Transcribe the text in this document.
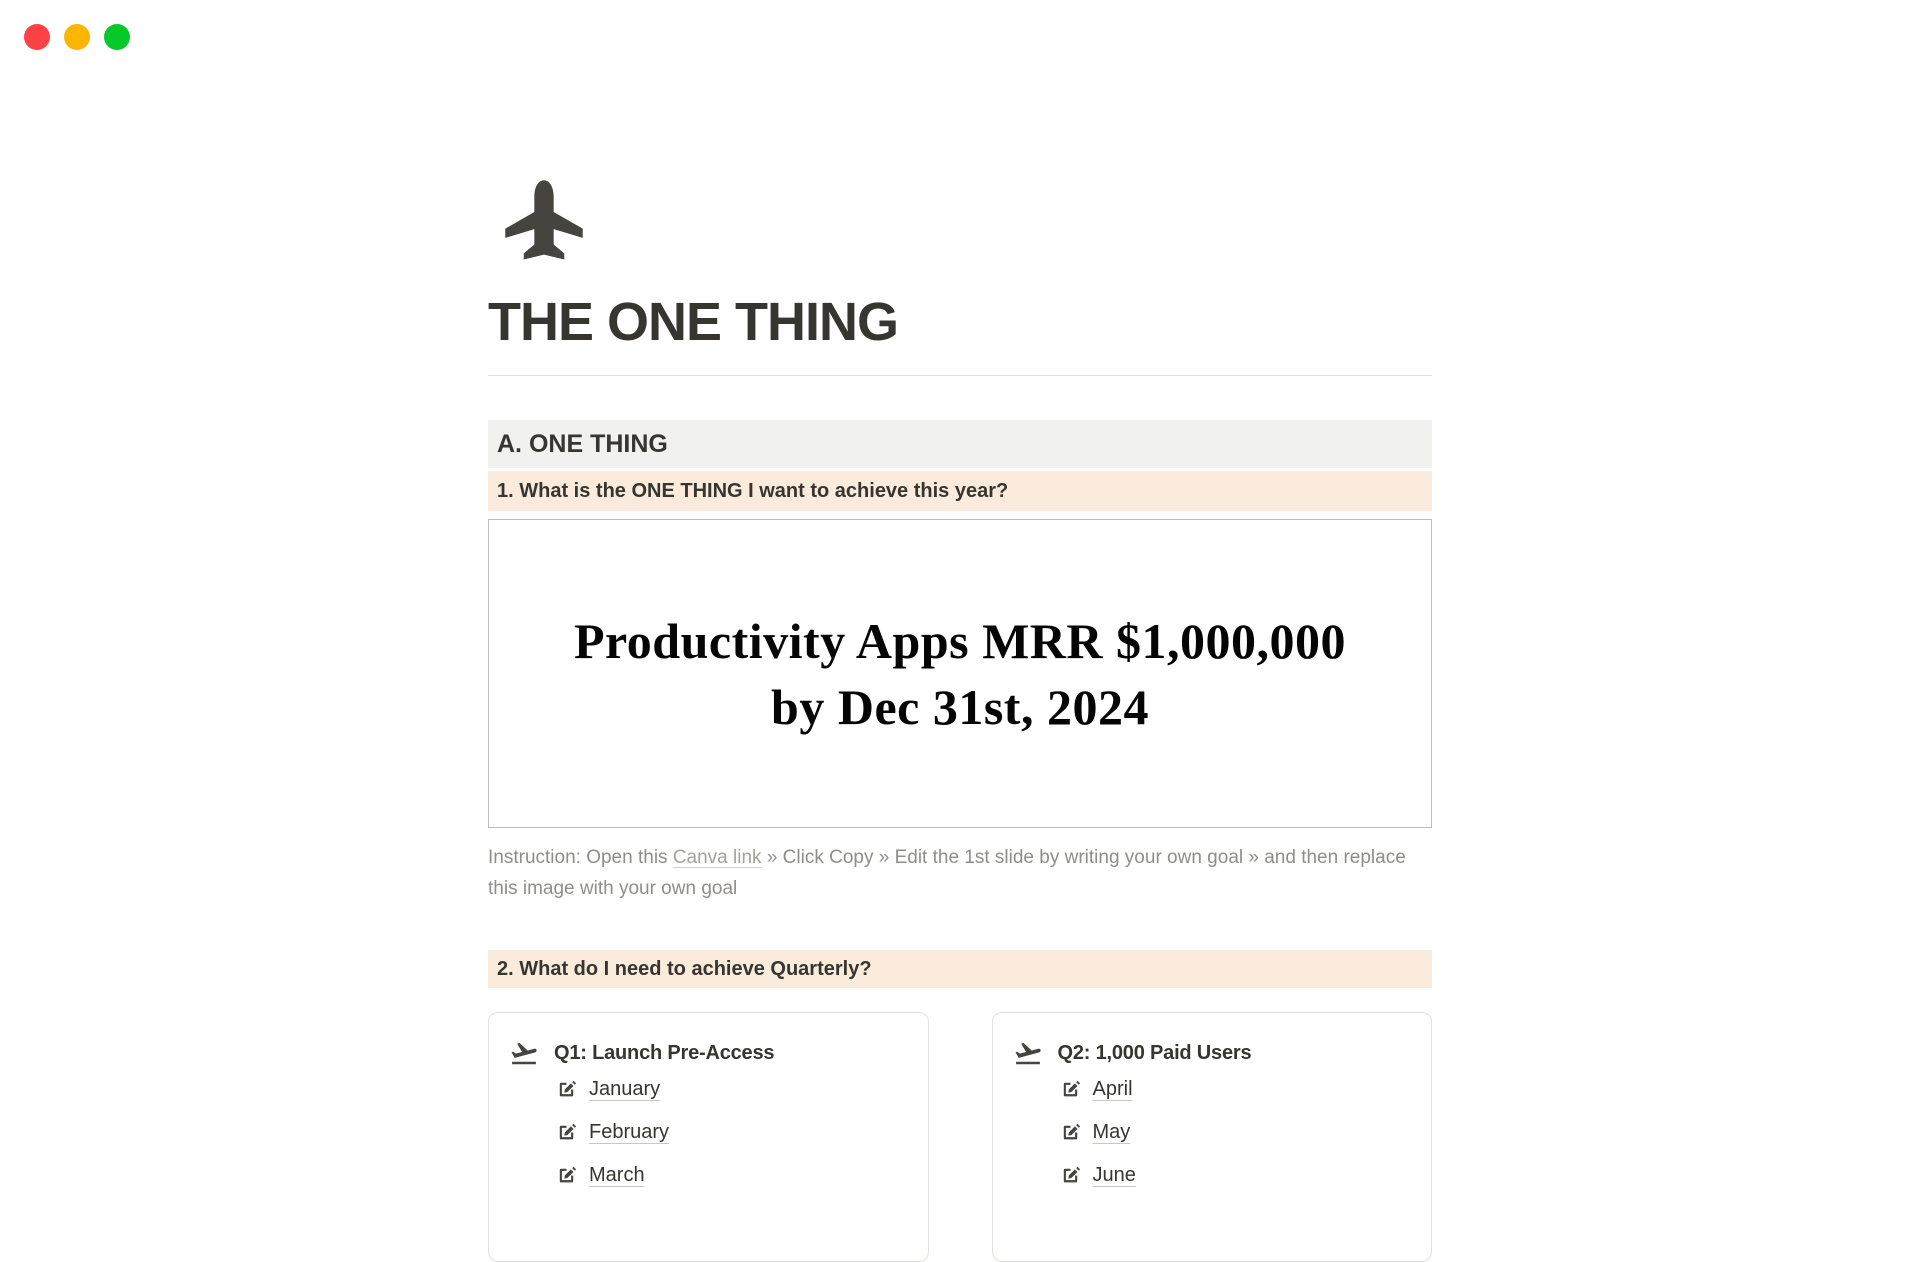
THE ONE THING
A. ONE THING
1. What is the ONE THING I want to achieve this year?
Productivity Apps MRR $1,000,000
by Dec 31st, 2024
Instruction: Open this Canva link » Click Copy » Edit the 1st slide by writing your own goal » and then replace
this image with your own goal
2. What do I need to achieve Quarterly?
Q1: Launch Pre-Access
January
February
March
Q2: 1,000 Paid Users
April
May
June
